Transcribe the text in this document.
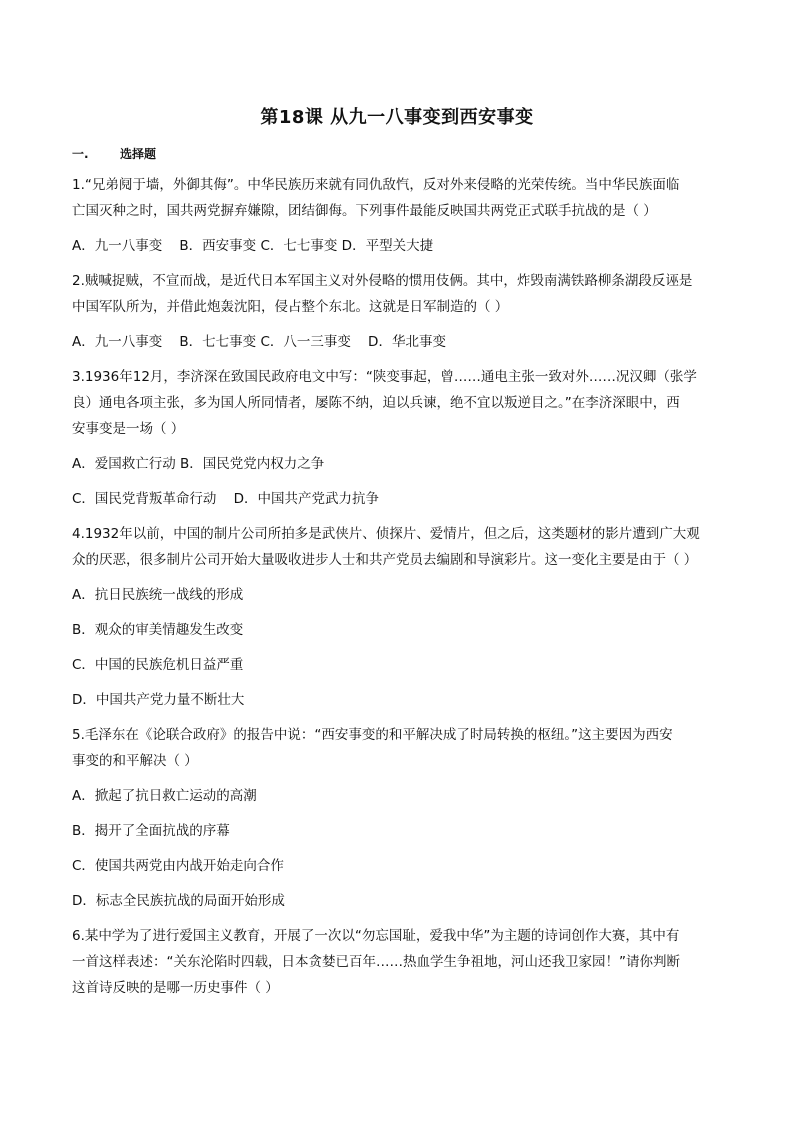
第18课 从九一八事变到西安事变
一.	选择题
1.“兄弟阋于墙，外御其侮”。中华民族历来就有同仇敌忾，反对外来侵略的光荣传统。当中华民族面临
亡国灭种之时，国共两党摒弃嫌隙，团结御侮。下列事件最能反映国共两党正式联手抗战的是（ ）
A．九一八事变    B．西安事变 C．七七事变 D．平型关大捷
2.贼喊捉贼，不宣而战，是近代日本军国主义对外侵略的惯用伎俩。其中，炸毁南满铁路柳条湖段反诬是
中国军队所为，并借此炮轰沈阳，侵占整个东北。这就是日军制造的（ ）
A．九一八事变    B．七七事变 C．八一三事变    D．华北事变
3.1936年12月，李济深在致国民政府电文中写：“陕变事起，曾……通电主张一致对外……况汉卿（张学
良）通电各项主张，多为国人所同情者，屡陈不纳，迫以兵谏，绝不宜以叛逆目之。”在李济深眼中，西
安事变是一场（ ）
A．爱国救亡行动 B．国民党党内权力之争
C．国民党背叛革命行动    D．中国共产党武力抗争
4.1932年以前，中国的制片公司所拍多是武侠片、侦探片、爱情片，但之后，这类题材的影片遭到广大观
众的厌恶，很多制片公司开始大量吸收进步人士和共产党员去编剧和导演彩片。这一变化主要是由于（ ）
A．抗日民族统一战线的形成
B．观众的审美情趣发生改变
C．中国的民族危机日益严重
D．中国共产党力量不断壮大
5.毛泽东在《论联合政府》的报告中说：“西安事变的和平解决成了时局转换的枢纽。”这主要因为西安
事变的和平解决（ ）
A．掀起了抗日救亡运动的高潮
B．揭开了全面抗战的序幕
C．使国共两党由内战开始走向合作
D．标志全民族抗战的局面开始形成
6.某中学为了进行爱国主义教育，开展了一次以“勿忘国耻，爱我中华”为主题的诗词创作大赛，其中有
一首这样表述：“关东沦陷时四载，日本贪婪已百年……热血学生争祖地，河山还我卫家园！”请你判断
这首诗反映的是哪一历史事件（ ）
